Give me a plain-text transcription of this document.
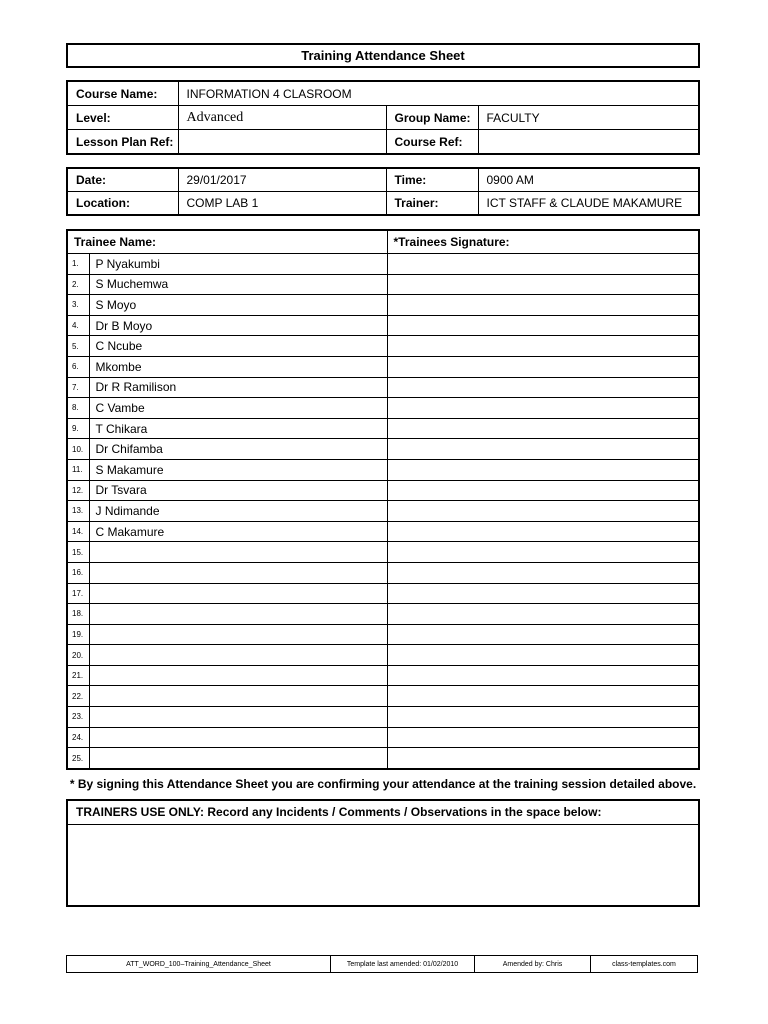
Training Attendance Sheet
Course Name:	INFORMATION 4 CLASROOM		
Level:	Advanced	Group Name:	FACULTY
Lesson Plan Ref:		Course Ref:	
Date:	29/01/2017	Time:	0900 AM
Location:	COMP LAB 1	Trainer:	ICT STAFF & CLAUDE MAKAMURE
Trainee Name:		*Trainees Signature:
1.	P Nyakumbi	
2.	S Muchemwa	
3.	S Moyo	
4.	Dr B Moyo	
5.	C Ncube	
6.	Mkombe	
7.	Dr R Ramilison	
8.	C Vambe	
9.	T Chikara	
10.	Dr Chifamba	
11.	S Makamure	
12.	Dr Tsvara	
13.	J Ndimande	
14.	C Makamure	
15.		
16.		
17.		
18.		
19.		
20.		
21.		
22.		
23.		
24.		
25.		
* By signing this Attendance Sheet you are confirming your attendance at the training session detailed above.
TRAINERS USE ONLY: Record any Incidents / Comments / Observations in the space below:
ATT_WORD_100–Training_Attendance_Sheet	Template last amended: 01/02/2010	Amended by: Chris	class-templates.com
